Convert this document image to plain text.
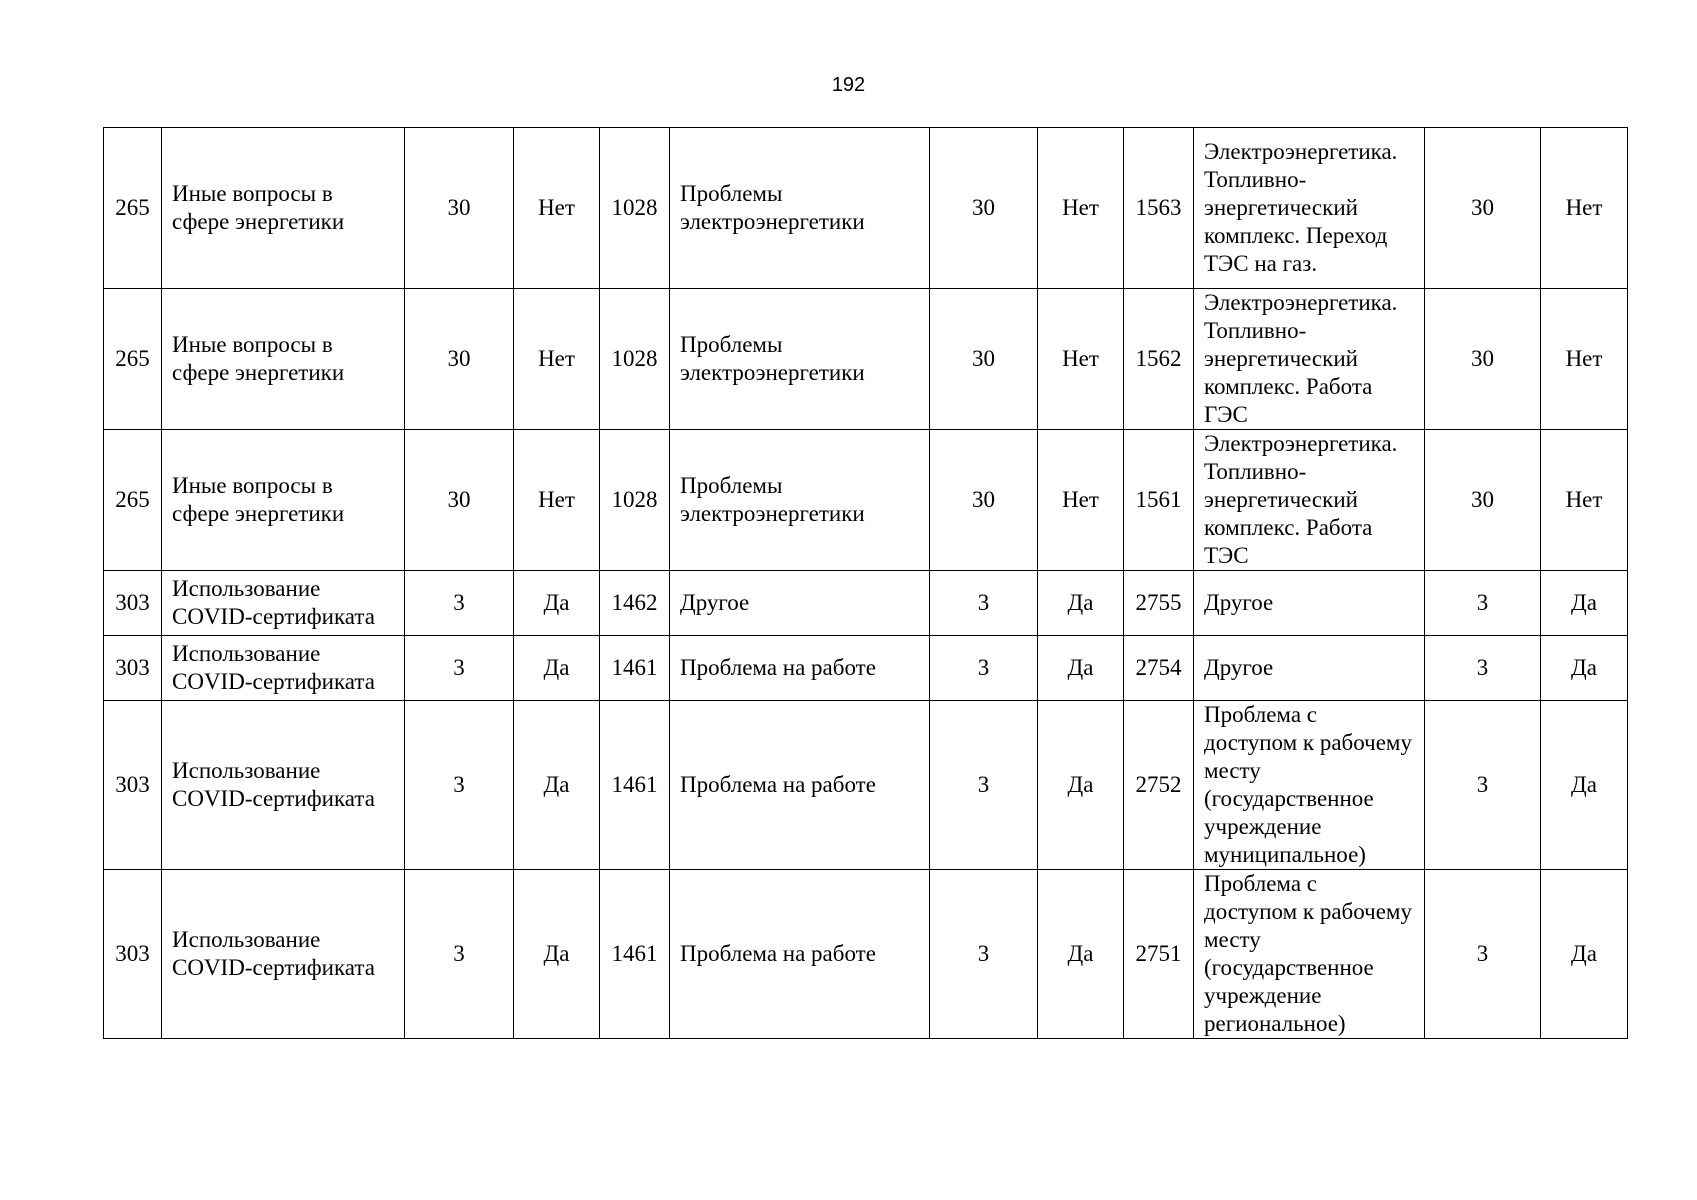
192
265	Иные вопросы в сфере энергетики	30	Нет	1028	Проблемы электроэнергетики	30	Нет	1563	Электроэнергетика. Топливно-энергетический комплекс. Переход ТЭС на газ.	30	Нет
265	Иные вопросы в сфере энергетики	30	Нет	1028	Проблемы электроэнергетики	30	Нет	1562	Электроэнергетика. Топливно-энергетический комплекс. Работа ГЭС	30	Нет
265	Иные вопросы в сфере энергетики	30	Нет	1028	Проблемы электроэнергетики	30	Нет	1561	Электроэнергетика. Топливно-энергетический комплекс. Работа ТЭС	30	Нет
303	Использование COVID-сертификата	3	Да	1462	Другое	3	Да	2755	Другое	3	Да
303	Использование COVID-сертификата	3	Да	1461	Проблема на работе	3	Да	2754	Другое	3	Да
303	Использование COVID-сертификата	3	Да	1461	Проблема на работе	3	Да	2752	Проблема с доступом к рабочему месту (государственное учреждение муниципальное)	3	Да
303	Использование COVID-сертификата	3	Да	1461	Проблема на работе	3	Да	2751	Проблема с доступом к рабочему месту (государственное учреждение региональное)	3	Да
